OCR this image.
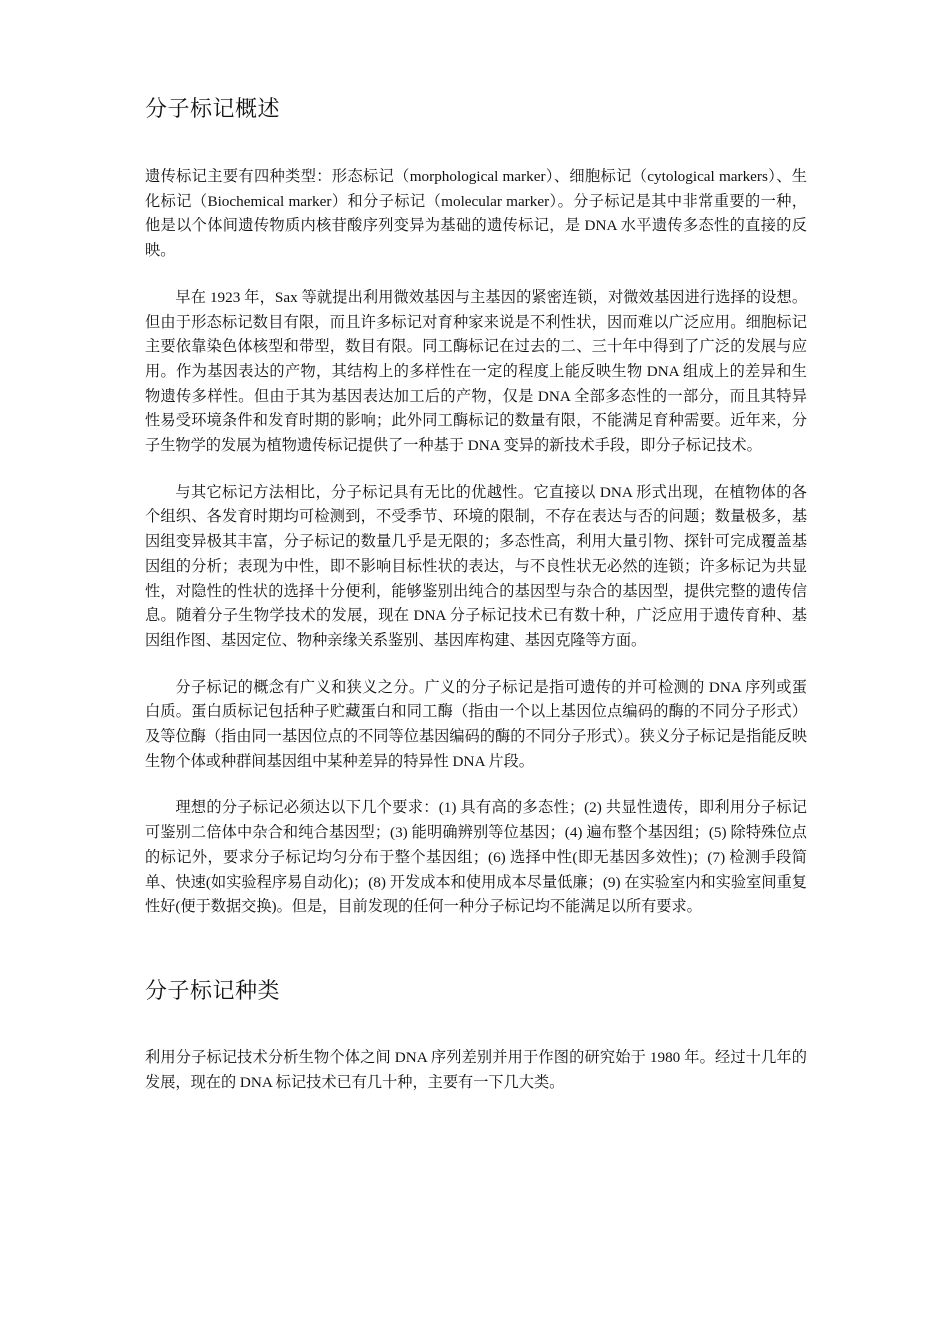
分子标记概述

遗传标记主要有四种类型：形态标记（morphological marker）、细胞标记（cytological markers）、生化标记（Biochemical marker）和分子标记（molecular marker）。分子标记是其中非常重要的一种，他是以个体间遗传物质内核苷酸序列变异为基础的遗传标记，是 DNA 水平遗传多态性的直接的反映。

早在 1923 年，Sax 等就提出利用微效基因与主基因的紧密连锁，对微效基因进行选择的设想。但由于形态标记数目有限，而且许多标记对育种家来说是不利性状，因而难以广泛应用。细胞标记主要依靠染色体核型和带型，数目有限。同工酶标记在过去的二、三十年中得到了广泛的发展与应用。作为基因表达的产物，其结构上的多样性在一定的程度上能反映生物 DNA 组成上的差异和生物遗传多样性。但由于其为基因表达加工后的产物，仅是 DNA 全部多态性的一部分，而且其特异性易受环境条件和发育时期的影响；此外同工酶标记的数量有限，不能满足育种需要。近年来，分子生物学的发展为植物遗传标记提供了一种基于 DNA 变异的新技术手段，即分子标记技术。

与其它标记方法相比，分子标记具有无比的优越性。它直接以 DNA 形式出现，在植物体的各个组织、各发育时期均可检测到，不受季节、环境的限制，不存在表达与否的问题；数量极多，基因组变异极其丰富，分子标记的数量几乎是无限的；多态性高，利用大量引物、探针可完成覆盖基因组的分析；表现为中性，即不影响目标性状的表达，与不良性状无必然的连锁；许多标记为共显性，对隐性的性状的选择十分便利，能够鉴别出纯合的基因型与杂合的基因型，提供完整的遗传信息。随着分子生物学技术的发展，现在 DNA 分子标记技术已有数十种，广泛应用于遗传育种、基因组作图、基因定位、物种亲缘关系鉴别、基因库构建、基因克隆等方面。

分子标记的概念有广义和狭义之分。广义的分子标记是指可遗传的并可检测的 DNA 序列或蛋白质。蛋白质标记包括种子贮藏蛋白和同工酶（指由一个以上基因位点编码的酶的不同分子形式）及等位酶（指由同一基因位点的不同等位基因编码的酶的不同分子形式）。狭义分子标记是指能反映生物个体或种群间基因组中某种差异的特异性 DNA 片段。

理想的分子标记必须达以下几个要求：(1) 具有高的多态性；(2) 共显性遗传，即利用分子标记可鉴别二倍体中杂合和纯合基因型；(3) 能明确辨别等位基因；(4) 遍布整个基因组；(5) 除特殊位点的标记外，要求分子标记均匀分布于整个基因组；(6) 选择中性(即无基因多效性)；(7) 检测手段简单、快速(如实验程序易自动化)；(8) 开发成本和使用成本尽量低廉；(9) 在实验室内和实验室间重复性好(便于数据交换)。但是，目前发现的任何一种分子标记均不能满足以所有要求。

分子标记种类

利用分子标记技术分析生物个体之间 DNA 序列差别并用于作图的研究始于 1980 年。经过十几年的发展，现在的 DNA 标记技术已有几十种，主要有一下几大类。
